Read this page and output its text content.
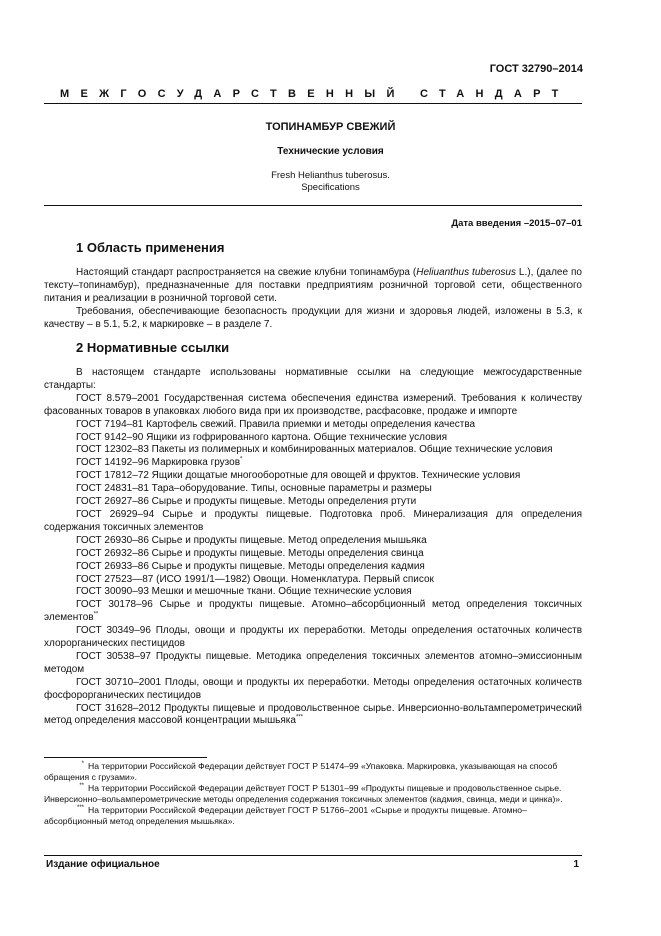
ГОСТ 32790–2014
МЕЖГОСУДАРСТВЕННЫЙ СТАНДАРТ
ТОПИНАМБУР СВЕЖИЙ
Технические условия
Fresh Helianthus tuberosus.
Specifications
Дата введения –2015–07–01
1 Область применения
Настоящий стандарт распространяется на свежие клубни топинамбура (Heliuanthus tuberosus L.), (далее по тексту–топинамбур), предназначенные для поставки предприятиям розничной торговой сети, общественного питания и реализации в розничной торговой сети.
Требования, обеспечивающие безопасность продукции для жизни и здоровья людей, изложены в 5.3, к качеству – в 5.1, 5.2, к маркировке – в разделе 7.
2 Нормативные ссылки
В настоящем стандарте использованы нормативные ссылки на следующие межгосударственные стандарты:
ГОСТ 8.579–2001 Государственная система обеспечения единства измерений. Требования к количеству фасованных товаров в упаковках любого вида при их производстве, расфасовке, продаже и импорте
ГОСТ 7194–81 Картофель свежий. Правила приемки и методы определения качества
ГОСТ 9142–90 Ящики из гофрированного картона. Общие технические условия
ГОСТ 12302–83 Пакеты из полимерных и комбинированных материалов. Общие технические условия
ГОСТ 14192–96 Маркировка грузов*
ГОСТ 17812–72 Ящики дощатые многооборотные для овощей и фруктов. Технические условия
ГОСТ 24831–81 Тара–оборудование. Типы, основные параметры и размеры
ГОСТ 26927–86 Сырье и продукты пищевые. Методы определения ртути
ГОСТ 26929–94 Сырье и продукты пищевые. Подготовка проб. Минерализация для определения содержания токсичных элементов
ГОСТ 26930–86 Сырье и продукты пищевые. Метод определения мышьяка
ГОСТ 26932–86 Сырье и продукты пищевые. Методы определения свинца
ГОСТ 26933–86 Сырье и продукты пищевые. Методы определения кадмия
ГОСТ 27523—87 (ИСО 1991/1—1982) Овощи. Номенклатура. Первый список
ГОСТ 30090–93 Мешки и мешочные ткани. Общие технические условия
ГОСТ 30178–96 Сырье и продукты пищевые. Атомно–абсорбционный метод определения токсичных элементов**
ГОСТ 30349–96 Плоды, овощи и продукты их переработки. Методы определения остаточных количеств хлорорганических пестицидов
ГОСТ 30538–97 Продукты пищевые. Методика определения токсичных элементов атомно–эмиссионным методом
ГОСТ 30710–2001 Плоды, овощи и продукты их переработки. Методы определения остаточных количеств фосфорорганических пестицидов
ГОСТ 31628–2012 Продукты пищевые и продовольственное сырье. Инверсионно-вольтамперометрический метод определения массовой концентрации мышьяка***
* На территории Российской Федерации действует ГОСТ Р 51474–99 «Упаковка. Маркировка, указывающая на способ обращения с грузами».
** На территории Российской Федерации действует ГОСТ Р 51301–99 «Продукты пищевые и продовольственное сырье. Инверсионно–вольамперометрические методы определения содержания токсичных элементов (кадмия, свинца, меди и цинка)».
*** На территории Российской Федерации действует ГОСТ Р 51766–2001 «Сырье и продукты пищевые. Атомно–абсорбционный метод определения мышьяка».
Издание официальное	1
